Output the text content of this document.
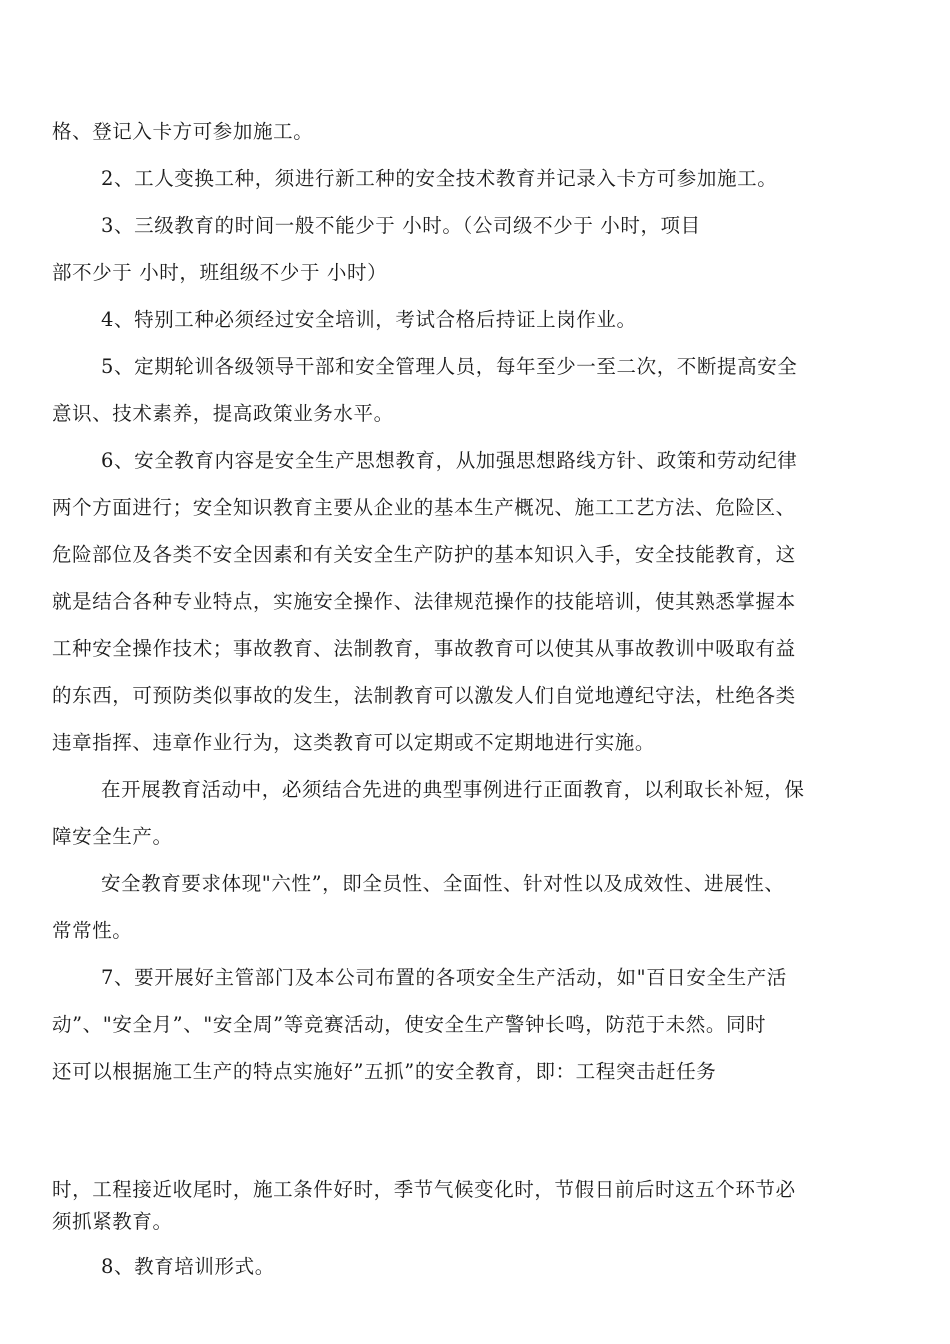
格、登记入卡方可参加施工。
2、工人变换工种，须进行新工种的安全技术教育并记录入卡方可参加施工。
3、三级教育的时间一般不能少于 小时。（公司级不少于 小时，项目
部不少于 小时，班组级不少于 小时）
4、特别工种必须经过安全培训，考试合格后持证上岗作业。
5、定期轮训各级领导干部和安全管理人员，每年至少一至二次，不断提高安全
意识、技术素养，提高政策业务水平。
6、安全教育内容是安全生产思想教育，从加强思想路线方针、政策和劳动纪律
两个方面进行；安全知识教育主要从企业的基本生产概况、施工工艺方法、危险区、
危险部位及各类不安全因素和有关安全生产防护的基本知识入手，安全技能教育，这
就是结合各种专业特点，实施安全操作、法律规范操作的技能培训，使其熟悉掌握本
工种安全操作技术；事故教育、法制教育，事故教育可以使其从事故教训中吸取有益
的东西，可预防类似事故的发生，法制教育可以激发人们自觉地遵纪守法，杜绝各类
违章指挥、违章作业行为，这类教育可以定期或不定期地进行实施。
在开展教育活动中，必须结合先进的典型事例进行正面教育，以利取长补短，保
障安全生产。
安全教育要求体现"六性”，即全员性、全面性、针对性以及成效性、进展性、
常常性。
7、要开展好主管部门及本公司布置的各项安全生产活动，如"百日安全生产活
动”、"安全月”、"安全周”等竞赛活动，使安全生产警钟长鸣，防范于未然。同时
还可以根据施工生产的特点实施好”五抓”的安全教育，即：工程突击赶任务
时，工程接近收尾时，施工条件好时，季节气候变化时，节假日前后时这五个环节必
须抓紧教育。
8、教育培训形式。
